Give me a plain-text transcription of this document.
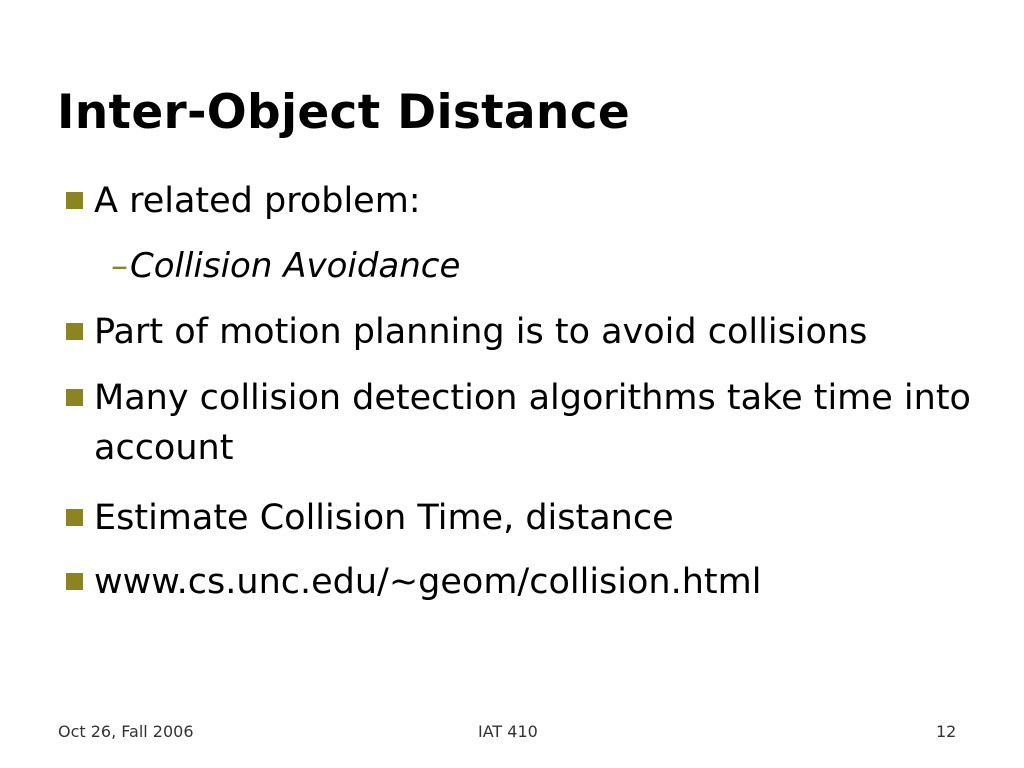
Inter-Object Distance
A related problem:
– Collision Avoidance
Part of motion planning is to avoid collisions
Many collision detection algorithms take time into account
Estimate Collision Time, distance
www.cs.unc.edu/~geom/collision.html
Oct 26, Fall 2006	IAT 410	12
